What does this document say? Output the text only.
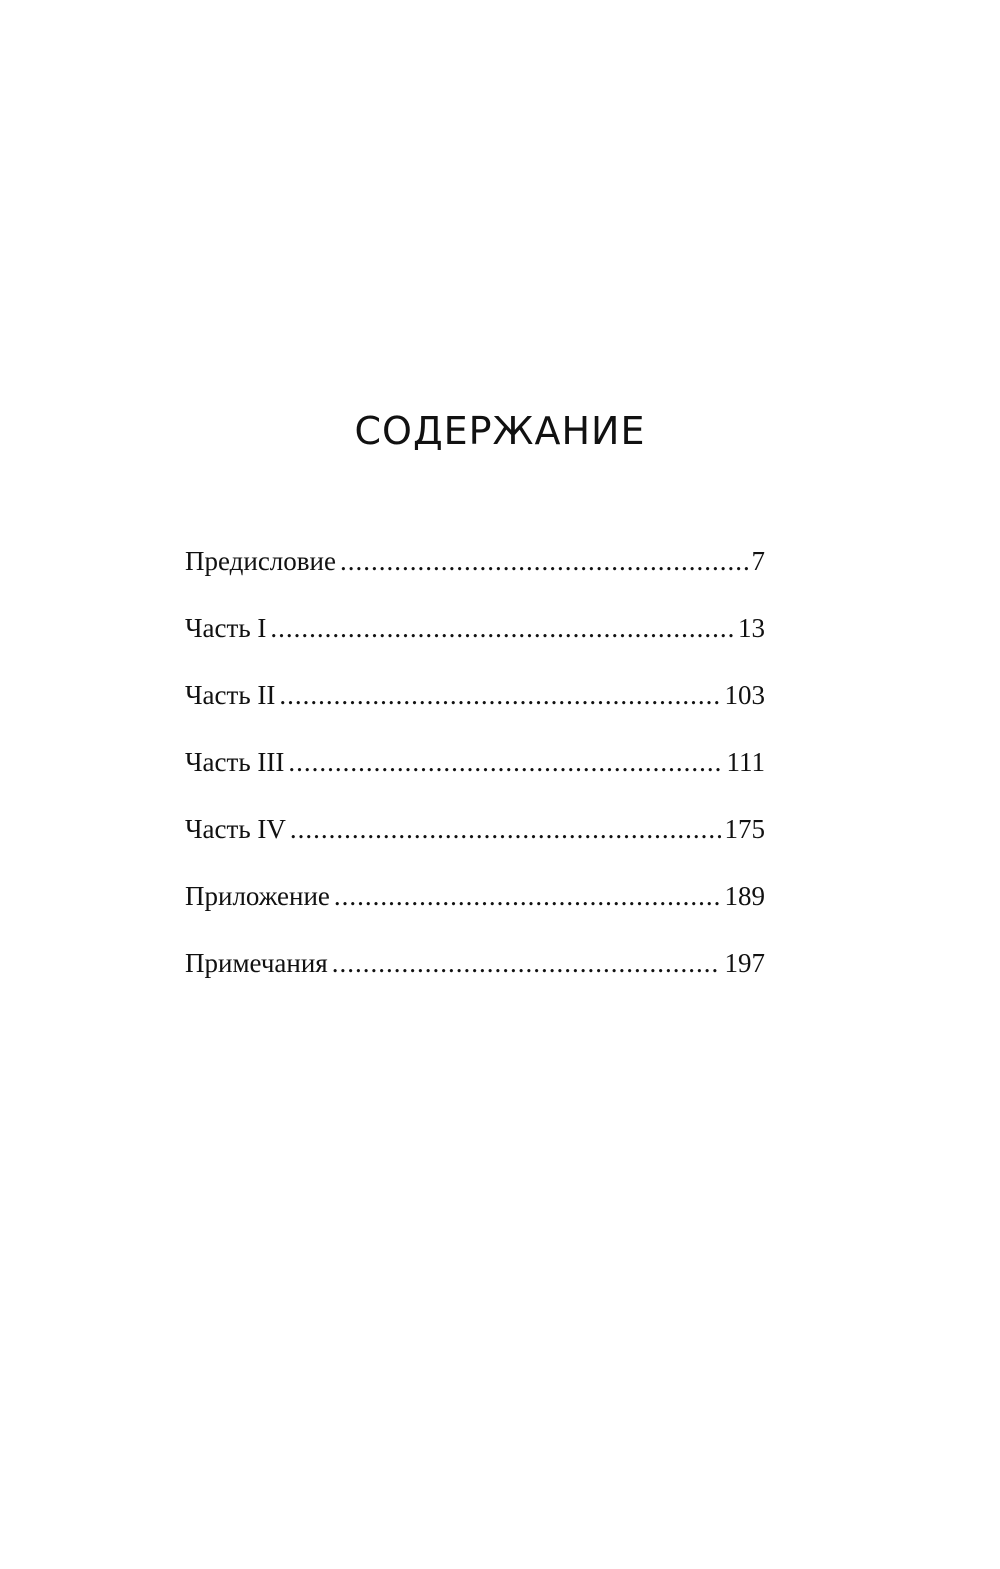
СОДЕРЖАНИЕ
Предисловие .....	7
Часть I .....	13
Часть II .....	103
Часть III .....	111
Часть IV .....	175
Приложение .....	189
Примечания .....	197
